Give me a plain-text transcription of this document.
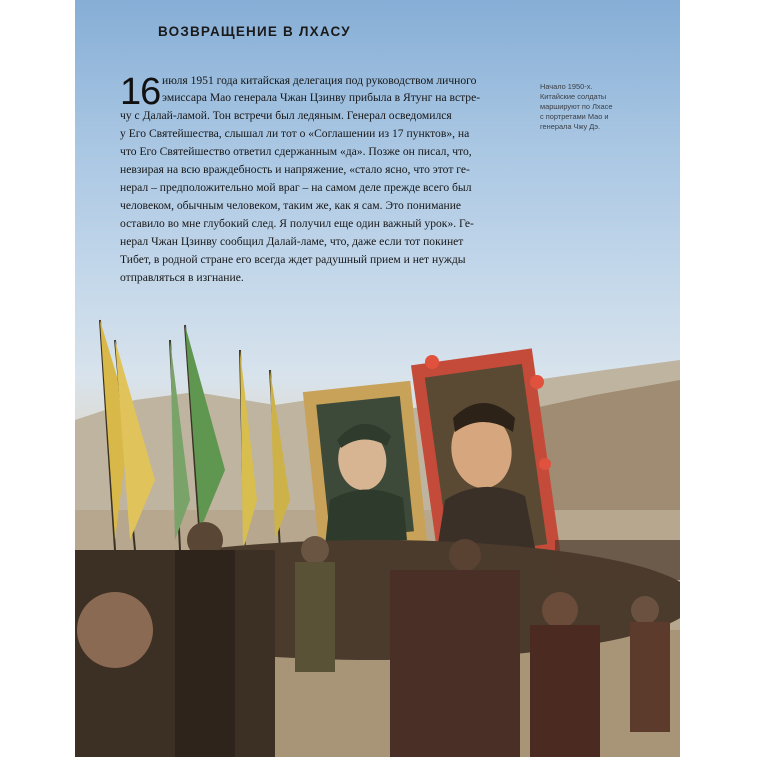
ВОЗВРАЩЕНИЕ В ЛХАСУ
16 июля 1951 года китайская делегация под руководством личного
эмиссара Мао генерала Чжан Цзинву прибыла в Ятунг на встре-
чу с Далай-ламой. Тон встречи был ледяным. Генерал осведомился
у Его Святейшества, слышал ли тот о «Соглашении из 17 пунктов», на
что Его Святейшество ответил сдержанным «да». Позже он писал, что,
невзирая на всю враждебность и напряжение, «стало ясно, что этот ге-
нерал – предположительно мой враг – на самом деле прежде всего был
человеком, обычным человеком, таким же, как я сам. Это понимание
оставило во мне глубокий след. Я получил еще один важный урок». Ге-
нерал Чжан Цзинву сообщил Далай-ламе, что, даже если тот покинет
Тибет, в родной стране его всегда ждет радушный прием и нет нужды
отправляться в изгнание.
Начало 1950-х.
Китайские солдаты
маршируют по Лхасе
с портретами Мао и
генерала Чжу Дэ.
